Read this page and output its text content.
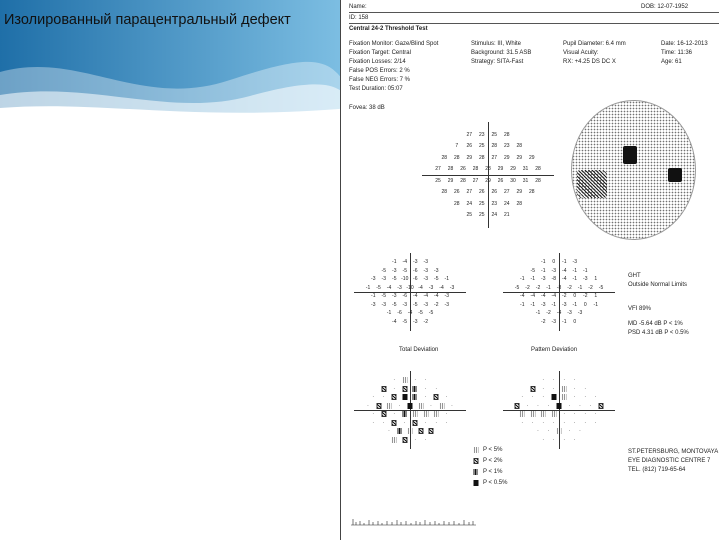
Изолированный парацентральный дефект
Name:	DOB: 12-07-1952
ID: 158
Central 24-2 Threshold Test
Fixation Monitor: Gaze/Blind Spot
Fixation Target: Central
Fixation Losses: 2/14
False POS Errors: 2 %
False NEG Errors: 7 %
Test Duration: 05:07
Stimulus: III, White
Background: 31.5 ASB
Strategy: SITA-Fast
Pupil Diameter: 6.4 mm
Visual Acuity:
RX: +4.25 DS DC X
Date: 16-12-2013
Time: 11:36
Age: 61
Fovea: 38 dB
Total Deviation	Pattern Deviation
GHT
Outside Normal Limits
VFI 89%
MD -5.64 dB P < 1%
PSD 4.31 dB P < 0.5%
P < 5%
P < 2%
P < 1%
P < 0.5%
ST.PETERSBURG, MONTOVAYA
EYE DIAGNOSTIC CENTRE 7
TEL. (812) 719-65-64
27 23 25 28
7 26 25 28 23 28
28 28 29 28 27 29 29 29
27 28 26 28 28 29 29 31 28
25 29 28 27 29 26 30 31 28
28 26 27 26 26 27 29 28
28 24 25 23 24 28
25 25 24 21
-1 -4 -3 -3
-5 -3 -5 -6 -3 -3
-3 -3 -5 -10 -6 -3 -5 -1
-1 -5 -4 -3 -10 -4 -3 -4 -3
-1 -5 -3 -6 -4 -4 -4 -3
-3 -3 -5 -3 -5 -3 -2 -3
-1 -6 -4 -5 -5
-4 -5 -3 -2
-1 0 -1 -3
-5 -1 -3 -4 -1 -1
-1 -1 -3 -8 -4 -1 -3 1
-5 -2 -2 -1 -8 -2 -1 -2 -5
-4 -4 -4 -4 -2 0 -2 1
-1 -1 -3 -1 -3 -1 0 -1
-1 -2 -4 -3 -3
-2 -3 -1 0
·	· ·
·	· ·
· ·	·	·
·	·	·	·
·	·	·
· ·	·	· · ·
·
· ·
· · · ·
· ·	· ·
· · ·	· · ·
· · ·	· · ·
· · · ·
· · · · · · · ·
· ·	· ·
· · · ·
